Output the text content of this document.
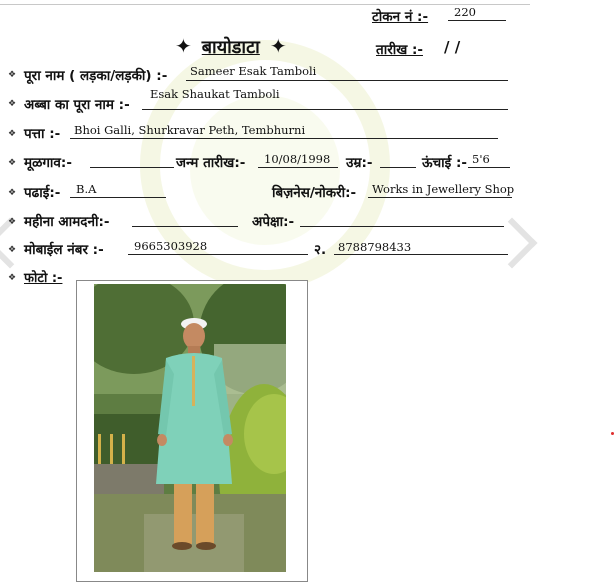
टोकन नं :- 220
✦ बायोडाटा ✦	तारीख :- / /
❖ पूरा नाम ( लड़का/लड़की) :- Sameer Esak Tamboli
❖ अब्बा का पूरा नाम :-
Esak Shaukat Tamboli
❖ पत्ता :- Bhoi Galli, Shurkravar Peth, Tembhurni
❖ मूळगाव:-	जन्म तारीख:- 10/08/1998 उम्र:-	ऊंचाई :- 5'6
❖ पढाई:- B.A	बिज़नेस/नोकरी:- Works in Jewellery Shop
❖ महीना आमदनी:-	अपेक्षा:-
❖ मोबाईल नंबर :-	9665303928	२. 8788798433
❖ फोटो :-
